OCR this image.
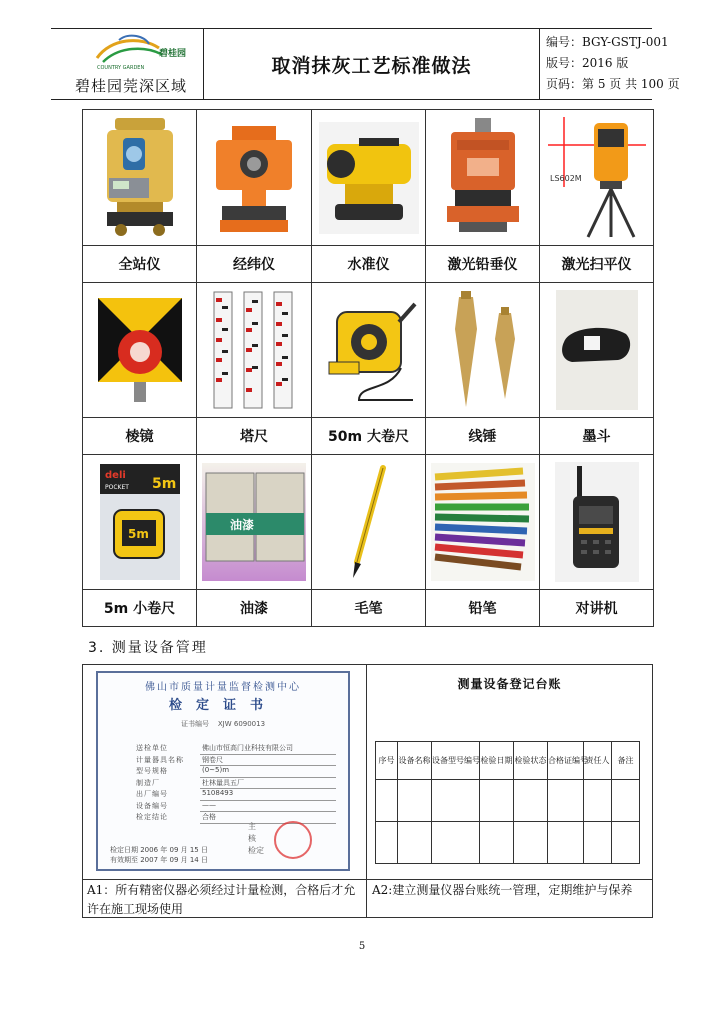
碧桂园
COUNTRY GARDEN
碧桂园莞深区域
取消抹灰工艺标准做法
编号：BGY-GSTJ-001
版号：2016 版
页码：第 5 页 共 100 页

LS602M

全站仪	经纬仪	水准仪	激光铅垂仪	激光扫平仪

棱镜	塔尺	50m 大卷尺	线锤	墨斗

deli
POCKET 5m
5m	油漆

5m 小卷尺	油漆	毛笔	铅笔	对讲机
3. 测量设备管理
佛山市质量计量监督检测中心
检定证书
证书编号 XJW 6090013
送检单位	佛山市恒高门业科技有限公司
计量器具名称	钢卷尺
型号规格	(0~5)m
制造厂	杜林量具五厂
出厂编号	5108493
设备编号	——
检定结论	合格
主
核
检定
检定日期 2006 年 09 月 15 日
有效期至 2007 年 09 月 14 日
测量设备登记台账
序号	设备名称	设备型号编号	检验日期	检验状态	合格证编号	责任人	备注

A1：所有精密仪器必须经过计量检测，合格后才允许在施工现场使用
A2:建立测量仪器台账统一管理，定期维护与保养
5
